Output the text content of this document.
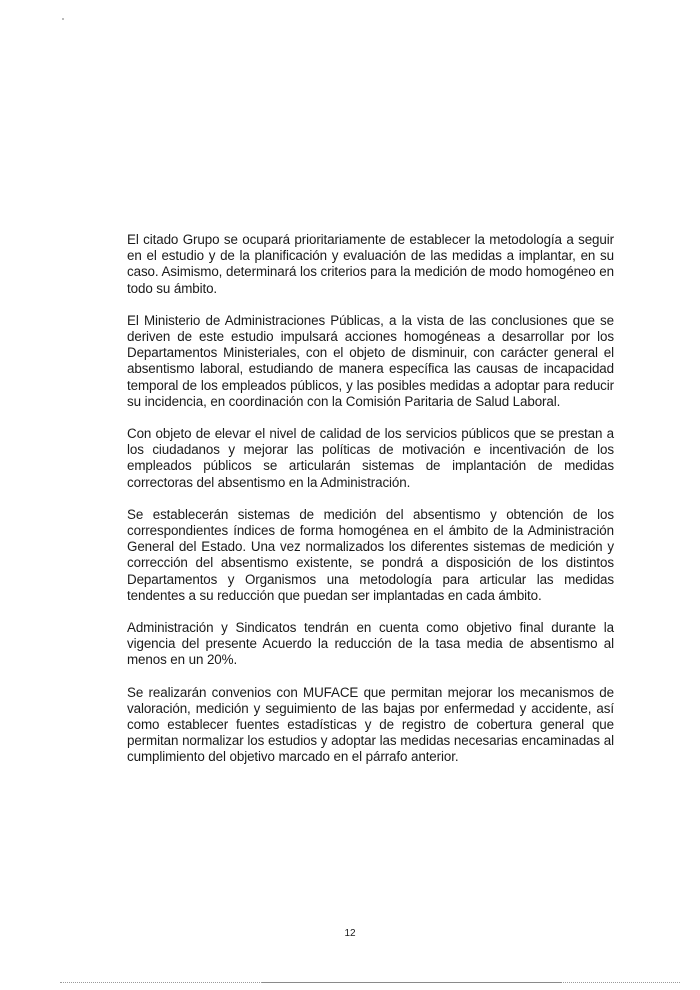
El citado Grupo se ocupará prioritariamente de establecer la metodología a seguir en el estudio y de la planificación y evaluación de las medidas a implantar, en su caso. Asimismo, determinará los criterios para la medición de modo homogéneo en todo su ámbito.

El Ministerio de Administraciones Públicas, a la vista de las conclusiones que se deriven de este estudio impulsará acciones homogéneas a desarrollar por los Departamentos Ministeriales, con el objeto de disminuir, con carácter general el absentismo laboral, estudiando de manera específica las causas de incapacidad temporal de los empleados públicos, y las posibles medidas a adoptar para reducir su incidencia, en coordinación con la Comisión Paritaria de Salud Laboral.

Con objeto de elevar el nivel de calidad de los servicios públicos que se prestan a los ciudadanos y mejorar las políticas de motivación e incentivación de los empleados públicos se articularán sistemas de implantación de medidas correctoras del absentismo en la Administración.

Se establecerán sistemas de medición del absentismo y obtención de los correspondientes índices de forma homogénea en el ámbito de la Administración General del Estado. Una vez normalizados los diferentes sistemas de medición y corrección del absentismo existente, se pondrá a disposición de los distintos Departamentos y Organismos una metodología para articular las medidas tendentes a su reducción que puedan ser implantadas en cada ámbito.

Administración y Sindicatos tendrán en cuenta como objetivo final durante la vigencia del presente Acuerdo la reducción de la tasa media de absentismo al menos en un 20%.

Se realizarán convenios con MUFACE que permitan mejorar los mecanismos de valoración, medición y seguimiento de las bajas por enfermedad y accidente, así como establecer fuentes estadísticas y de registro de cobertura general que permitan normalizar los estudios y adoptar las medidas necesarias encaminadas al cumplimiento del objetivo marcado en el párrafo anterior.

12
